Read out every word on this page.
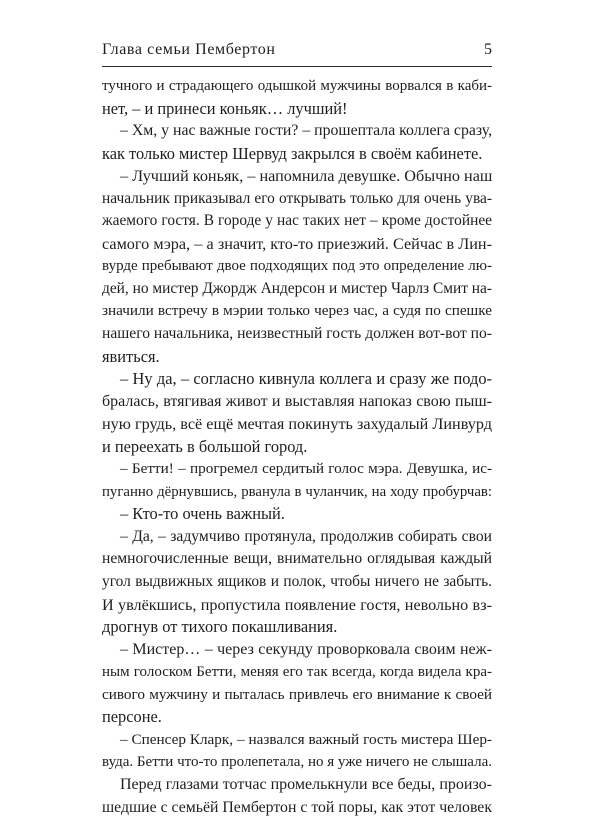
Глава семьи Пембертон	5
тучного и страдающего одышкой мужчины ворвался в каби-
нет, – и принеси коньяк… лучший!
– Хм, у нас важные гости? – прошептала коллега сразу,
как только мистер Шервуд закрылся в своём кабинете.
– Лучший коньяк, – напомнила девушке. Обычно наш
начальник приказывал его открывать только для очень ува-
жаемого гостя. В городе у нас таких нет – кроме достойнее
самого мэра, – а значит, кто-то приезжий. Сейчас в Лин-
вурде пребывают двое подходящих под это определение лю-
дей, но мистер Джордж Андерсон и мистер Чарлз Смит на-
значили встречу в мэрии только через час, а судя по спешке
нашего начальника, неизвестный гость должен вот-вот по-
явиться.
– Ну да, – согласно кивнула коллега и сразу же подо-
бралась, втягивая живот и выставляя напоказ свою пыш-
ную грудь, всё ещё мечтая покинуть захудалый Линвурд
и переехать в большой город.
– Бетти! – прогремел сердитый голос мэра. Девушка, ис-
пуганно дёрнувшись, рванула в чуланчик, на ходу пробурчав:
– Кто-то очень важный.
– Да, – задумчиво протянула, продолжив собирать свои
немногочисленные вещи, внимательно оглядывая каждый
угол выдвижных ящиков и полок, чтобы ничего не забыть.
И увлёкшись, пропустила появление гостя, невольно вз-
дрогнув от тихого покашливания.
– Мистер… – через секунду проворковала своим неж-
ным голоском Бетти, меняя его так всегда, когда видела кра-
сивого мужчину и пыталась привлечь его внимание к своей
персоне.
– Спенсер Кларк, – назвался важный гость мистера Шер-
вуда. Бетти что-то пролепетала, но я уже ничего не слышала.
Перед глазами тотчас промелькнули все беды, произо-
шедшие с семьёй Пембертон с той поры, как этот человек
